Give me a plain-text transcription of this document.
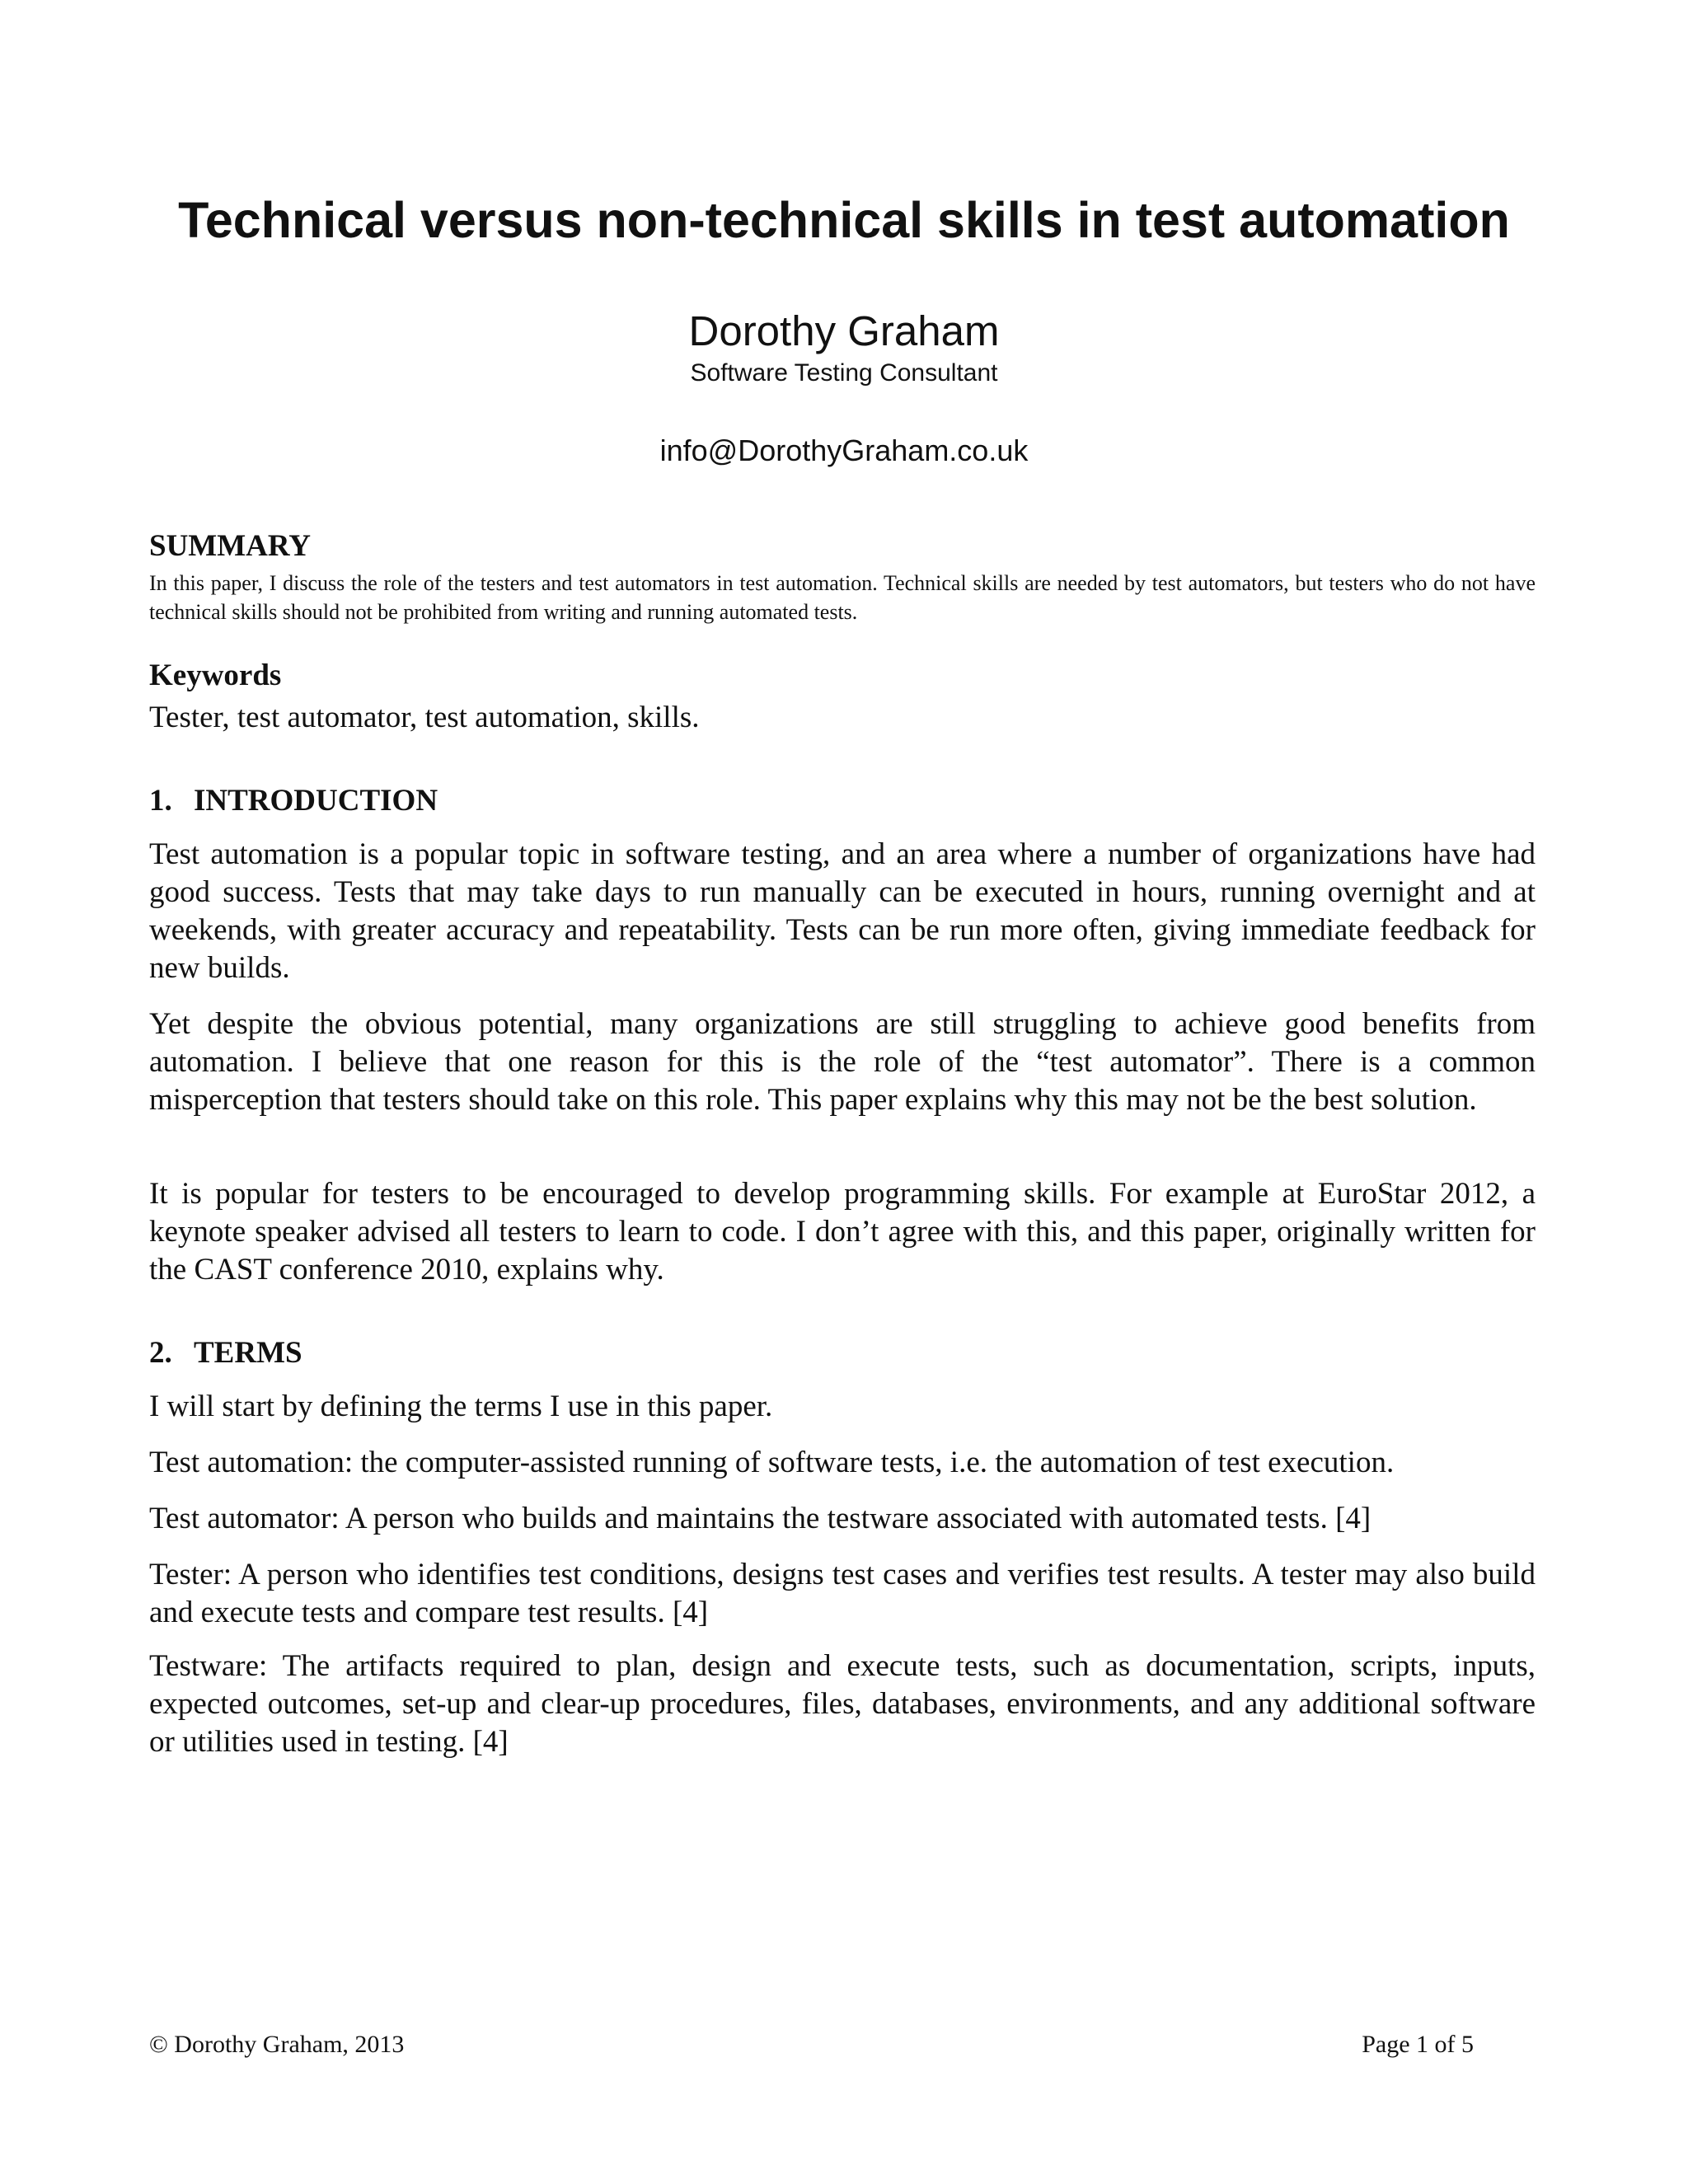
Technical versus non-technical skills in test automation
Dorothy Graham
Software Testing Consultant
info@DorothyGraham.co.uk
SUMMARY
In this paper, I discuss the role of the testers and test automators in test automation. Technical skills are needed by test automators, but testers who do not have technical skills should not be prohibited from writing and running automated tests.
Keywords
Tester, test automator, test automation, skills.
1. INTRODUCTION
Test automation is a popular topic in software testing, and an area where a number of organizations have had good success. Tests that may take days to run manually can be executed in hours, running overnight and at weekends, with greater accuracy and repeatability. Tests can be run more often, giving immediate feedback for new builds.
Yet despite the obvious potential, many organizations are still struggling to achieve good benefits from automation. I believe that one reason for this is the role of the “test automator”. There is a common misperception that testers should take on this role. This paper explains why this may not be the best solution.
It is popular for testers to be encouraged to develop programming skills. For example at EuroStar 2012, a keynote speaker advised all testers to learn to code. I don’t agree with this, and this paper, originally written for the CAST conference 2010, explains why.
2. TERMS
I will start by defining the terms I use in this paper.
Test automation: the computer-assisted running of software tests, i.e. the automation of test execution.
Test automator: A person who builds and maintains the testware associated with automated tests. [4]
Tester: A person who identifies test conditions, designs test cases and verifies test results. A tester may also build and execute tests and compare test results. [4]
Testware: The artifacts required to plan, design and execute tests, such as documentation, scripts, inputs, expected outcomes, set-up and clear-up procedures, files, databases, environments, and any additional software or utilities used in testing. [4]
© Dorothy Graham, 2013	Page 1 of 5
